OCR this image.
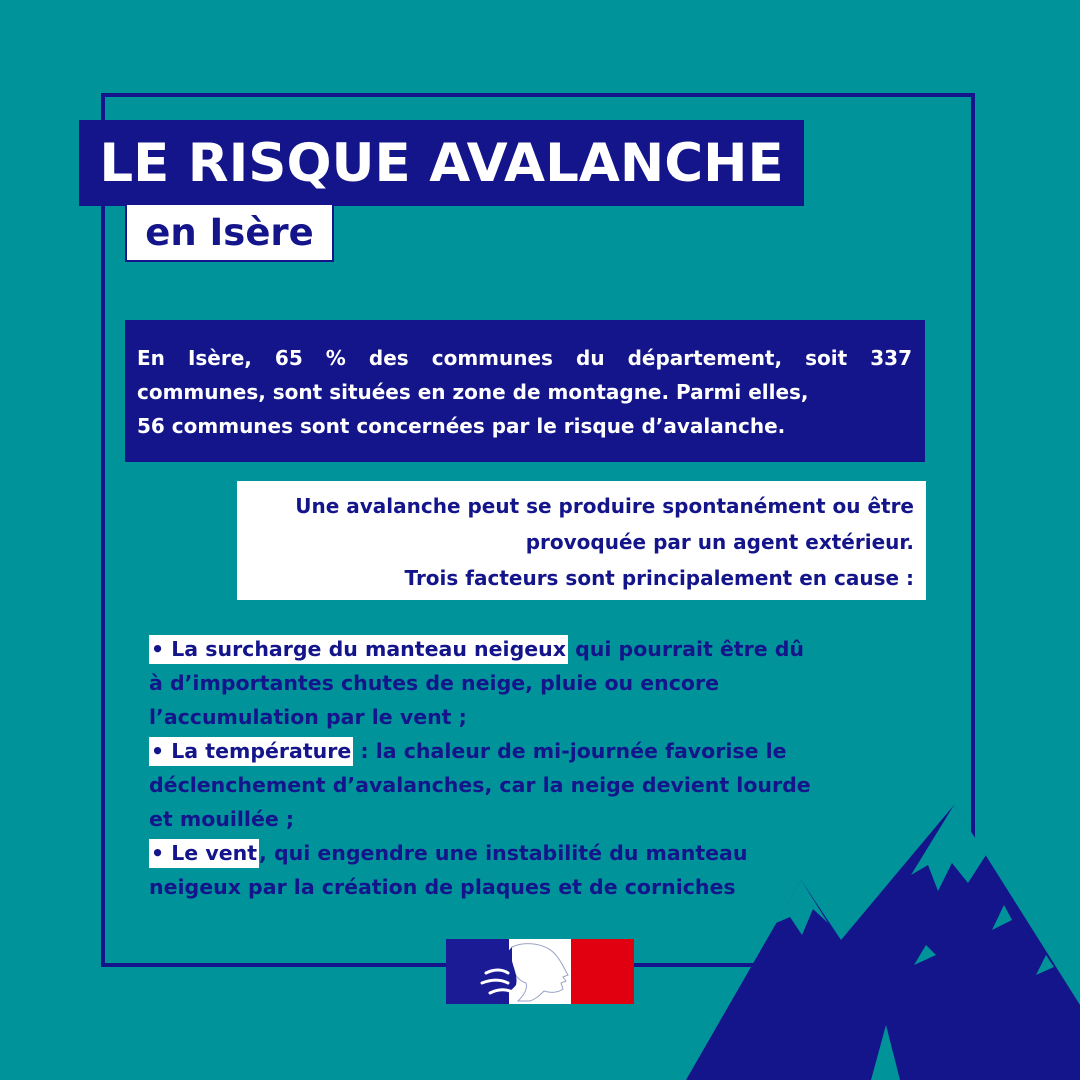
LE RISQUE AVALANCHE
en Isère
En Isère, 65 % des communes du département, soit 337
communes, sont situées en zone de montagne. Parmi elles,
56 communes sont concernées par le risque d’avalanche.
Une avalanche peut se produire spontanément ou être
provoquée par un agent extérieur.
Trois facteurs sont principalement en cause :
• La surcharge du manteau neigeux qui pourrait être dû
à d’importantes chutes de neige, pluie ou encore
l’accumulation par le vent ;
• La température : la chaleur de mi-journée favorise le
déclenchement d’avalanches, car la neige devient lourde
et mouillée ;
• Le vent, qui engendre une instabilité du manteau
neigeux par la création de plaques et de corniches
